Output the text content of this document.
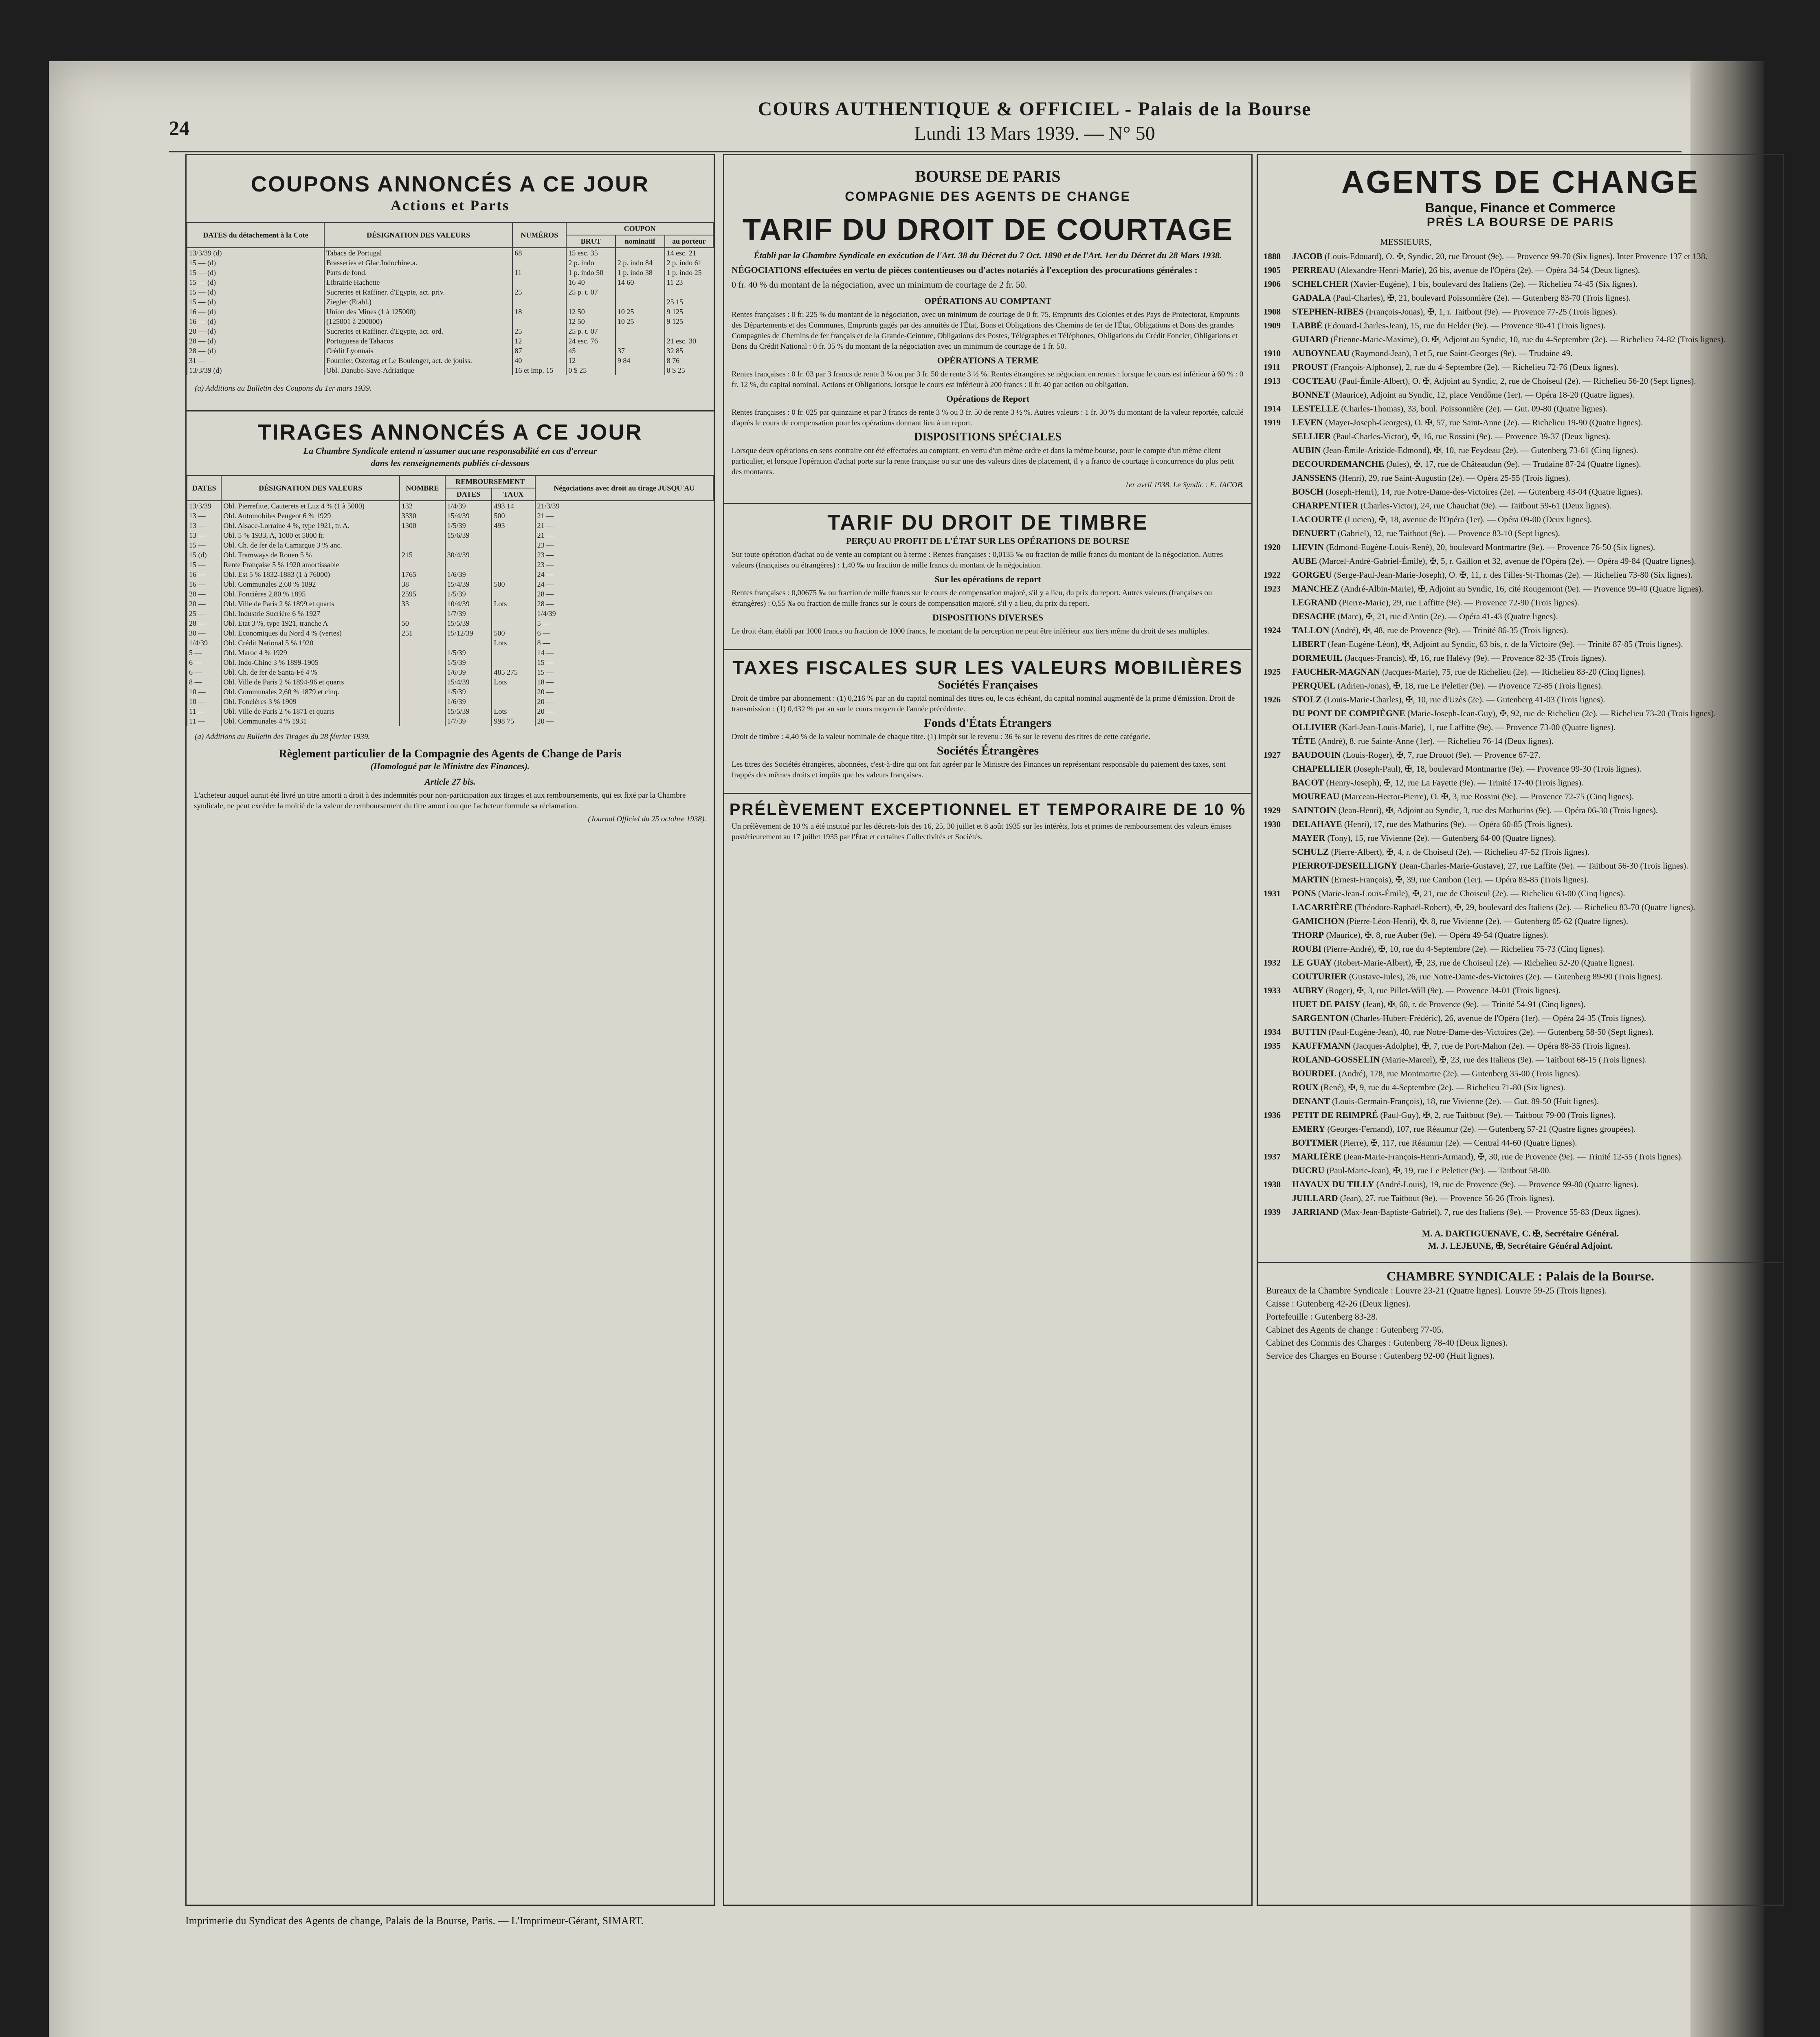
24
COURS AUTHENTIQUE & OFFICIEL - Palais de la Bourse
Lundi 13 Mars 1939. — N° 50
COUPONS ANNONCÉS A CE JOUR
Actions et Parts
DATES du détachement à la Cote	DÉSIGNATION DES VALEURS	NUMÉROS	COUPON		
			BRUT	nominatif	au porteur
13/3/39 (d)	Tabacs de Portugal	68	15 esc. 35		14 esc. 21
15 — (d)	Brasseries et Glac.Indochine.a.		2 p. indo	2 p. indo 84	2 p. indo 61
15 — (d)	Parts de fond.	11	1 p. indo 50	1 p. indo 38	1 p. indo 25
15 — (d)	Librairie Hachette		16 40	14 60	11 23
15 — (d)	Sucreries et Raffiner. d'Egypte, act. priv.	25	25 p. t. 07		
15 — (d)	Ziegler (Etabl.)				25 15
16 — (d)	Union des Mines (1 à 125000)	18	12 50	10 25	9 125
16 — (d)	(125001 à 200000)		12 50	10 25	9 125
20 — (d)	Sucreries et Raffiner. d'Egypte, act. ord.	25	25 p. t. 07		
28 — (d)	Portuguesa de Tabacos	12	24 esc. 76		21 esc. 30
28 — (d)	Crédit Lyonnais	87	45	37	32 85
31 —	Fournier, Ostertag et Le Boulenger, act. de jouiss.	40	12	9 84	8 76
13/3/39 (d)	Obl. Danube-Save-Adriatique	16 et imp. 15	0 $ 25		0 $ 25
(a) Additions au Bulletin des Coupons du 1er mars 1939.
TIRAGES ANNONCÉS A CE JOUR
La Chambre Syndicale entend n'assumer aucune responsabilité en cas d'erreur
dans les renseignements publiés ci-dessous
DATES	DÉSIGNATION DES VALEURS	NOMBRE	REMBOURSEMENT		Négociations avec droit au tirage JUSQU'AU
			DATES	TAUX	
13/3/39	Obl. Pierrefitte, Cauterets et Luz 4 % (1 à 5000)	132	1/4/39	493 14	21/3/39
13 —	Obl. Automobiles Peugeot 6 % 1929	3330	15/4/39	500	21 —
13 —	Obl. Alsace-Lorraine 4 %, type 1921, tr. A.	1300	1/5/39	493	21 —
13 —	Obl. 5 % 1933, A, 1000 et 5000 fr.		15/6/39		21 —
15 —	Obl. Ch. de fer de la Camargue 3 % anc.				23 —
15 (d)	Obl. Tramways de Rouen 5 %	215	30/4/39		23 —
15 —	Rente Française 5 % 1920 amortissable				23 —
16 —	Obl. Est 5 % 1832-1883 (1 à 76000)	1765	1/6/39		24 —
16 —	Obl. Communales 2,60 % 1892	38	15/4/39	500	24 —
20 —	Obl. Foncières 2,80 % 1895	2595	1/5/39		28 —
20 —	Obl. Ville de Paris 2 % 1899 et quarts	33	10/4/39	Lots	28 —
25 —	Obl. Industrie Sucrière 6 % 1927		1/7/39		1/4/39
28 —	Obl. Etat 3 %, type 1921, tranche A	50	15/5/39		5 —
30 —	Obl. Economiques du Nord 4 % (vertes)	251	15/12/39	500	6 —
1/4/39	Obl. Crédit National 5 % 1920			Lots	8 —
5 —	Obl. Maroc 4 % 1929		1/5/39		14 —
6 —	Obl. Indo-Chine 3 % 1899-1905		1/5/39		15 —
6 —	Obl. Ch. de fer de Santa-Fé 4 %		1/6/39	485 275	15 —
8 —	Obl. Ville de Paris 2 % 1894-96 et quarts		15/4/39	Lots	18 —
10 —	Obl. Communales 2,60 % 1879 et cinq.		1/5/39		20 —
10 —	Obl. Foncières 3 % 1909		1/6/39		20 —
11 —	Obl. Ville de Paris 2 % 1871 et quarts		15/5/39	Lots	20 —
11 —	Obl. Communales 4 % 1931		1/7/39	998 75	20 —
(a) Additions au Bulletin des Tirages du 28 février 1939.
Règlement particulier de la Compagnie des Agents de Change de Paris
(Homologué par le Ministre des Finances).
Article 27 bis.

L'acheteur auquel aurait été livré un titre amorti a droit à des indemnités pour non-participation aux tirages et aux remboursements, qui est fixé par la Chambre syndicale, ne peut excéder la moitié de la valeur de remboursement du titre amorti ou que l'acheteur formule sa réclamation.

(Journal Officiel du 25 octobre 1938).

BOURSE DE PARIS
COMPAGNIE DES AGENTS DE CHANGE
TARIF DU DROIT DE COURTAGE

Établi par la Chambre Syndicale en exécution de l'Art. 38 du Décret du 7 Oct. 1890 et de l'Art. 1er du Décret du 28 Mars 1938.

NÉGOCIATIONS effectuées en vertu de pièces contentieuses ou d'actes notariés à l'exception des procurations générales :

0 fr. 40 % du montant de la négociation, avec un minimum de courtage de 2 fr. 50.

OPÉRATIONS AU COMPTANT

Rentes françaises : 0 fr. 225 % du montant de la négociation, avec un minimum de courtage de 0 fr. 75. Emprunts des Colonies et des Pays de Protectorat, Emprunts des Départements et des Communes, Emprunts gagés par des annuités de l'État, Bons et Obligations des Chemins de fer de l'État, Obligations et Bons des grandes Compagnies de Chemins de fer français et de la Grande-Ceinture, Obligations des Postes, Télégraphes et Téléphones, Obligations du Crédit Foncier, Obligations et Bons du Crédit National : 0 fr. 35 % du montant de la négociation avec un minimum de courtage de 1 fr. 50.

OPÉRATIONS A TERME

Rentes françaises : 0 fr. 03 par 3 francs de rente 3 % ou par 3 fr. 50 de rente 3 ½ %. Rentes étrangères se négociant en rentes : lorsque le cours est inférieur à 60 % : 0 fr. 12 %, du capital nominal. Actions et Obligations, lorsque le cours est inférieur à 200 francs : 0 fr. 40 par action ou obligation.

Opérations de Report

Rentes françaises : 0 fr. 025 par quinzaine et par 3 francs de rente 3 % ou 3 fr. 50 de rente 3 ½ %. Autres valeurs : 1 fr. 30 % du montant de la valeur reportée, calculé d'après le cours de compensation pour les opérations donnant lieu à un report.

DISPOSITIONS SPÉCIALES

Lorsque deux opérations en sens contraire ont été effectuées au comptant, en vertu d'un même ordre et dans la même bourse, pour le compte d'un même client particulier, et lorsque l'opération d'achat porte sur la rente française ou sur une des valeurs dites de placement, il y a franco de courtage à concurrence du plus petit des montants.

1er avril 1938. Le Syndic : E. JACOB.

TARIF DU DROIT DE TIMBRE
PERÇU AU PROFIT DE L'ÉTAT SUR LES OPÉRATIONS DE BOURSE

Sur toute opération d'achat ou de vente au comptant ou à terme : Rentes françaises : 0,0135 ‰ ou fraction de mille francs du montant de la négociation. Autres valeurs (françaises ou étrangères) : 1,40 ‰ ou fraction de mille francs du montant de la négociation.

Sur les opérations de report

Rentes françaises : 0,00675 ‰ ou fraction de mille francs sur le cours de compensation majoré, s'il y a lieu, du prix du report. Autres valeurs (françaises ou étrangères) : 0,55 ‰ ou fraction de mille francs sur le cours de compensation majoré, s'il y a lieu, du prix du report.

DISPOSITIONS DIVERSES

Le droit étant établi par 1000 francs ou fraction de 1000 francs, le montant de la perception ne peut être inférieur aux tiers même du droit de ses multiples.

TAXES FISCALES SUR LES VALEURS MOBILIÈRES
Sociétés Françaises

Droit de timbre par abonnement : (1) 0,216 % par an du capital nominal des titres ou, le cas échéant, du capital nominal augmenté de la prime d'émission. Droit de transmission : (1) 0,432 % par an sur le cours moyen de l'année précédente.

Fonds d'États Étrangers

Droit de timbre : 4,40 % de la valeur nominale de chaque titre. (1) Impôt sur le revenu : 36 % sur le revenu des titres de cette catégorie.

Sociétés Étrangères

Les titres des Sociétés étrangères, abonnées, c'est-à-dire qui ont fait agréer par le Ministre des Finances un représentant responsable du paiement des taxes, sont frappés des mêmes droits et impôts que les valeurs françaises.

PRÉLÈVEMENT EXCEPTIONNEL ET TEMPORAIRE DE 10 %

Un prélèvement de 10 % a été institué par les décrets-lois des 16, 25, 30 juillet et 8 août 1935 sur les intérêts, lots et primes de remboursement des valeurs émises postérieurement au 17 juillet 1935 par l'État et certaines Collectivités et Sociétés.

AGENTS DE CHANGE
Banque, Finance et Commerce
PRÈS LA BOURSE DE PARIS
MESSIEURS,
1888 JACOB (Louis-Edouard), O. ✠, Syndic, 20, rue Drouot (9e). — Provence 99-70 (Six lignes). Inter Provence 137 et 138.
1905 PERREAU (Alexandre-Henri-Marie), 26 bis, avenue de l'Opéra (2e). — Opéra 34-54 (Deux lignes).
1906 SCHELCHER (Xavier-Eugène), 1 bis, boulevard des Italiens (2e). — Richelieu 74-45 (Six lignes).
GADALA (Paul-Charles), ✠, 21, boulevard Poissonnière (2e). — Gutenberg 83-70 (Trois lignes).
1908 STEPHEN-RIBES (François-Jonas), ✠, 1, r. Taitbout (9e). — Provence 77-25 (Trois lignes).
1909 LABBÉ (Edouard-Charles-Jean), 15, rue du Helder (9e). — Provence 90-41 (Trois lignes).
GUIARD (Étienne-Marie-Maxime), O. ✠, Adjoint au Syndic, 10, rue du 4-Septembre (2e). — Richelieu 74-82 (Trois lignes).
1910 AUBOYNEAU (Raymond-Jean), 3 et 5, rue Saint-Georges (9e). — Trudaine 49.
1911 PROUST (François-Alphonse), 2, rue du 4-Septembre (2e). — Richelieu 72-76 (Deux lignes).
1913 COCTEAU (Paul-Émile-Albert), O. ✠, Adjoint au Syndic, 2, rue de Choiseul (2e). — Richelieu 56-20 (Sept lignes).
BONNET (Maurice), Adjoint au Syndic, 12, place Vendôme (1er). — Opéra 18-20 (Quatre lignes).
1914 LESTELLE (Charles-Thomas), 33, boul. Poissonnière (2e). — Gut. 09-80 (Quatre lignes).
1919 LEVEN (Mayer-Joseph-Georges), O. ✠, 57, rue Saint-Anne (2e). — Richelieu 19-90 (Quatre lignes).
SELLIER (Paul-Charles-Victor), ✠, 16, rue Rossini (9e). — Provence 39-37 (Deux lignes).
AUBIN (Jean-Émile-Aristide-Edmond), ✠, 10, rue Feydeau (2e). — Gutenberg 73-61 (Cinq lignes).
DECOURDEMANCHE (Jules), ✠, 17, rue de Châteaudun (9e). — Trudaine 87-24 (Quatre lignes).
JANSSENS (Henri), 29, rue Saint-Augustin (2e). — Opéra 25-55 (Trois lignes).
BOSCH (Joseph-Henri), 14, rue Notre-Dame-des-Victoires (2e). — Gutenberg 43-04 (Quatre lignes).
CHARPENTIER (Charles-Victor), 24, rue Chauchat (9e). — Taitbout 59-61 (Deux lignes).
LACOURTE (Lucien), ✠, 18, avenue de l'Opéra (1er). — Opéra 09-00 (Deux lignes).
DENUERT (Gabriel), 32, rue Taitbout (9e). — Provence 83-10 (Sept lignes).
1920 LIEVIN (Edmond-Eugène-Louis-René), 20, boulevard Montmartre (9e). — Provence 76-50 (Six lignes).
AUBE (Marcel-André-Gabriel-Émile), ✠, 5, r. Gaillon et 32, avenue de l'Opéra (2e). — Opéra 49-84 (Quatre lignes).
1922 GORGEU (Serge-Paul-Jean-Marie-Joseph), O. ✠, 11, r. des Filles-St-Thomas (2e). — Richelieu 73-80 (Six lignes).
1923 MANCHEZ (André-Albin-Marie), ✠, Adjoint au Syndic, 16, cité Rougemont (9e). — Provence 99-40 (Quatre lignes).
LEGRAND (Pierre-Marie), 29, rue Laffitte (9e). — Provence 72-90 (Trois lignes).
DESACHE (Marc), ✠, 21, rue d'Antin (2e). — Opéra 41-43 (Quatre lignes).
1924 TALLON (André), ✠, 48, rue de Provence (9e). — Trinité 86-35 (Trois lignes).
LIBERT (Jean-Eugène-Léon), ✠, Adjoint au Syndic, 63 bis, r. de la Victoire (9e). — Trinité 87-85 (Trois lignes).
DORMEUIL (Jacques-Francis), ✠, 16, rue Halévy (9e). — Provence 82-35 (Trois lignes).
1925 FAUCHER-MAGNAN (Jacques-Marie), 75, rue de Richelieu (2e). — Richelieu 83-20 (Cinq lignes).
PERQUEL (Adrien-Jonas), ✠, 18, rue Le Peletier (9e). — Provence 72-85 (Trois lignes).
1926 STOLZ (Louis-Marie-Charles), ✠, 10, rue d'Uzès (2e). — Gutenberg 41-03 (Trois lignes).
DU PONT DE COMPIÈGNE (Marie-Joseph-Jean-Guy), ✠, 92, rue de Richelieu (2e). — Richelieu 73-20 (Trois lignes).
OLLIVIER (Karl-Jean-Louis-Marie), 1, rue Laffitte (9e). — Provence 73-00 (Quatre lignes).
TÊTE (André), 8, rue Sainte-Anne (1er). — Richelieu 76-14 (Deux lignes).
1927 BAUDOUIN (Louis-Roger), ✠, 7, rue Drouot (9e). — Provence 67-27.
CHAPELLIER (Joseph-Paul), ✠, 18, boulevard Montmartre (9e). — Provence 99-30 (Trois lignes).
BACOT (Henry-Joseph), ✠, 12, rue La Fayette (9e). — Trinité 17-40 (Trois lignes).
MOUREAU (Marceau-Hector-Pierre), O. ✠, 3, rue Rossini (9e). — Provence 72-75 (Cinq lignes).
1929 SAINTOIN (Jean-Henri), ✠, Adjoint au Syndic, 3, rue des Mathurins (9e). — Opéra 06-30 (Trois lignes).
1930 DELAHAYE (Henri), 17, rue des Mathurins (9e). — Opéra 60-85 (Trois lignes).
MAYER (Tony), 15, rue Vivienne (2e). — Gutenberg 64-00 (Quatre lignes).
SCHULZ (Pierre-Albert), ✠, 4, r. de Choiseul (2e). — Richelieu 47-52 (Trois lignes).
PIERROT-DESEILLIGNY (Jean-Charles-Marie-Gustave), 27, rue Laffite (9e). — Taitbout 56-30 (Trois lignes).
MARTIN (Ernest-François), ✠, 39, rue Cambon (1er). — Opéra 83-85 (Trois lignes).
1931 PONS (Marie-Jean-Louis-Émile), ✠, 21, rue de Choiseul (2e). — Richelieu 63-00 (Cinq lignes).
LACARRIÈRE (Théodore-Raphaël-Robert), ✠, 29, boulevard des Italiens (2e). — Richelieu 83-70 (Quatre lignes).
GAMICHON (Pierre-Léon-Henri), ✠, 8, rue Vivienne (2e). — Gutenberg 05-62 (Quatre lignes).
THORP (Maurice), ✠, 8, rue Auber (9e). — Opéra 49-54 (Quatre lignes).
ROUBI (Pierre-André), ✠, 10, rue du 4-Septembre (2e). — Richelieu 75-73 (Cinq lignes).
1932 LE GUAY (Robert-Marie-Albert), ✠, 23, rue de Choiseul (2e). — Richelieu 52-20 (Quatre lignes).
COUTURIER (Gustave-Jules), 26, rue Notre-Dame-des-Victoires (2e). — Gutenberg 89-90 (Trois lignes).
1933 AUBRY (Roger), ✠, 3, rue Pillet-Will (9e). — Provence 34-01 (Trois lignes).
HUET DE PAISY (Jean), ✠, 60, r. de Provence (9e). — Trinité 54-91 (Cinq lignes).
SARGENTON (Charles-Hubert-Frédéric), 26, avenue de l'Opéra (1er). — Opéra 24-35 (Trois lignes).
1934 BUTTIN (Paul-Eugène-Jean), 40, rue Notre-Dame-des-Victoires (2e). — Gutenberg 58-50 (Sept lignes).
1935 KAUFFMANN (Jacques-Adolphe), ✠, 7, rue de Port-Mahon (2e). — Opéra 88-35 (Trois lignes).
ROLAND-GOSSELIN (Marie-Marcel), ✠, 23, rue des Italiens (9e). — Taitbout 68-15 (Trois lignes).
BOURDEL (André), 178, rue Montmartre (2e). — Gutenberg 35-00 (Trois lignes).
ROUX (René), ✠, 9, rue du 4-Septembre (2e). — Richelieu 71-80 (Six lignes).
DENANT (Louis-Germain-François), 18, rue Vivienne (2e). — Gut. 89-50 (Huit lignes).
1936 PETIT DE REIMPRÉ (Paul-Guy), ✠, 2, rue Taitbout (9e). — Taitbout 79-00 (Trois lignes).
EMERY (Georges-Fernand), 107, rue Réaumur (2e). — Gutenberg 57-21 (Quatre lignes groupées).
BOTTMER (Pierre), ✠, 117, rue Réaumur (2e). — Central 44-60 (Quatre lignes).
1937 MARLIÈRE (Jean-Marie-François-Henri-Armand), ✠, 30, rue de Provence (9e). — Trinité 12-55 (Trois lignes).
DUCRU (Paul-Marie-Jean), ✠, 19, rue Le Peletier (9e). — Taitbout 58-00.
1938 HAYAUX DU TILLY (André-Louis), 19, rue de Provence (9e). — Provence 99-80 (Quatre lignes).
JUILLARD (Jean), 27, rue Taitbout (9e). — Provence 56-26 (Trois lignes).
1939 JARRIAND (Max-Jean-Baptiste-Gabriel), 7, rue des Italiens (9e). — Provence 55-83 (Deux lignes).
M. A. DARTIGUENAVE, C. ✠, Secrétaire Général.
M. J. LEJEUNE, ✠, Secrétaire Général Adjoint.
CHAMBRE SYNDICALE : Palais de la Bourse.
Bureaux de la Chambre Syndicale : Louvre 23-21 (Quatre lignes). Louvre 59-25 (Trois lignes).
Caisse : Gutenberg 42-26 (Deux lignes).
Portefeuille : Gutenberg 83-28.
Cabinet des Agents de change : Gutenberg 77-05.
Cabinet des Commis des Charges : Gutenberg 78-40 (Deux lignes).
Service des Charges en Bourse : Gutenberg 92-00 (Huit lignes).
Imprimerie du Syndicat des Agents de change, Palais de la Bourse, Paris. — L'Imprimeur-Gérant, SIMART.
